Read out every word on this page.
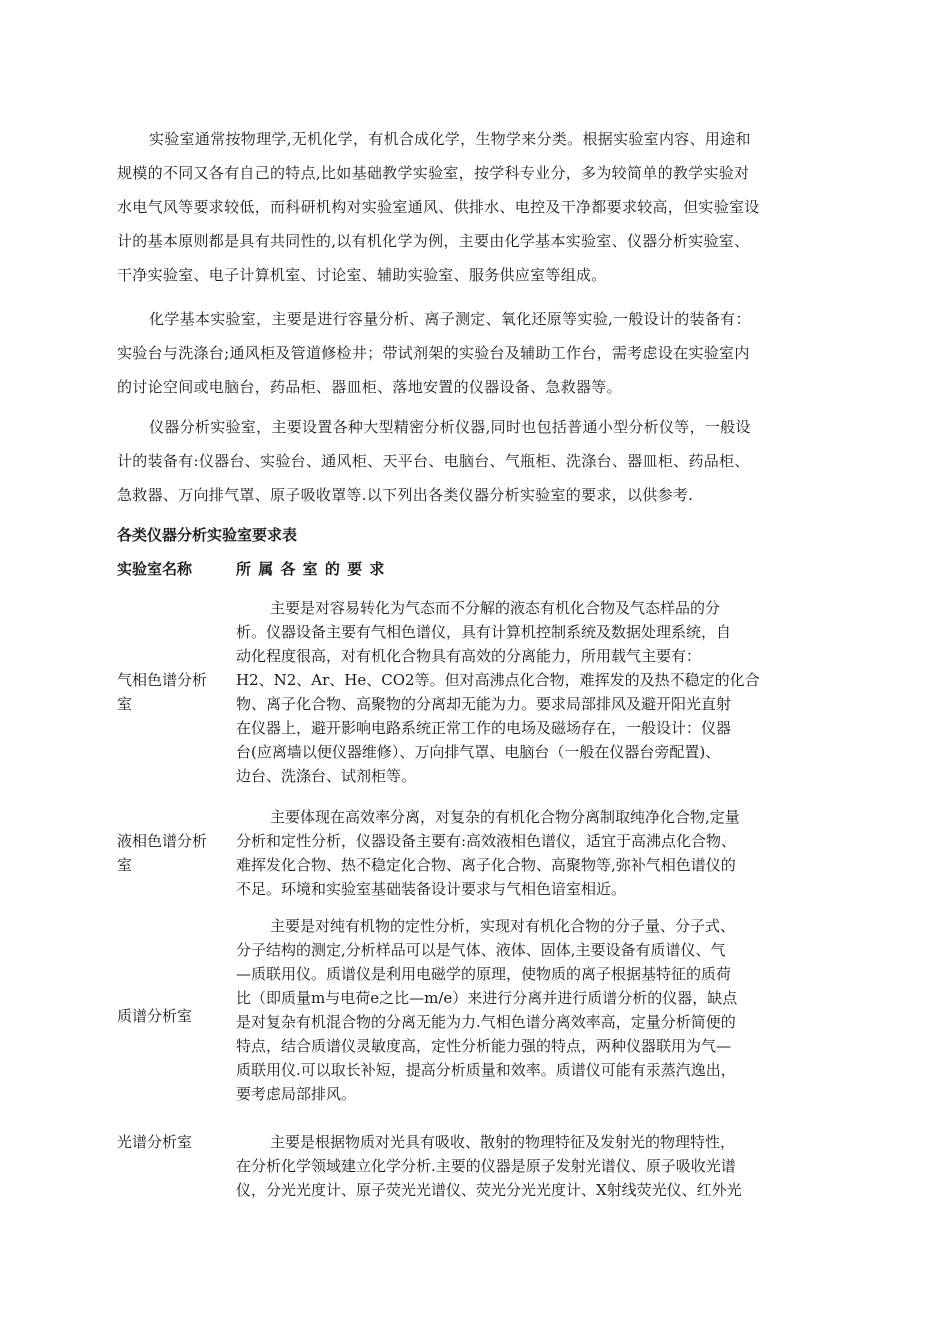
实验室通常按物理学,无机化学，有机合成化学，生物学来分类。根据实验室内容、用途和
规模的不同又各有自己的特点,比如基础教学实验室，按学科专业分，多为较简单的教学实验对
水电气风等要求较低，而科研机构对实验室通风、供排水、电控及干净都要求较高，但实验室设
计的基本原则都是具有共同性的,以有机化学为例，主要由化学基本实验室、仪器分析实验室、
干净实验室、电子计算机室、讨论室、辅助实验室、服务供应室等组成。
化学基本实验室，主要是进行容量分析、离子测定、氧化还原等实验,一般设计的装备有：
实验台与洗涤台;通风柜及管道修检井；带试剂架的实验台及辅助工作台，需考虑设在实验室内
的讨论空间或电脑台，药品柜、器皿柜、落地安置的仪器设备、急救器等。
仪器分析实验室，主要设置各种大型精密分析仪器,同时也包括普通小型分析仪等，一般设
计的装备有:仪器台、实验台、通风柜、天平台、电脑台、气瓶柜、洗涤台、器皿柜、药品柜、
急救器、万向排气罩、原子吸收罩等.以下列出各类仪器分析实验室的要求，以供参考.
各类仪器分析实验室要求表
实验室名称	所 属 各 室 的 要 求
气相色谱分析
室
主要是对容易转化为气态而不分解的液态有机化合物及气态样品的分
析。仪器设备主要有气相色谱仪，具有计算机控制系统及数据处理系统，自
动化程度很高，对有机化合物具有高效的分离能力，所用载气主要有：
H2、N2、Ar、He、CO2等。但对高沸点化合物，难挥发的及热不稳定的化合
物、离子化合物、高聚物的分离却无能为力。要求局部排风及避开阳光直射
在仪器上，避开影响电路系统正常工作的电场及磁场存在，一般设计：仪器
台(应离墙以便仪器维修）、万向排气罩、电脑台（一般在仪器台旁配置)、
边台、洗涤台、试剂柜等。
液相色谱分析
室
主要体现在高效率分离，对复杂的有机化合物分离制取纯净化合物,定量
分析和定性分析，仪器设备主要有:高效液相色谱仪，适宜于高沸点化合物、
难挥发化合物、热不稳定化合物、离子化合物、高聚物等,弥补气相色谱仪的
不足。环境和实验室基础装备设计要求与气相色谙室相近。
质谱分析室
主要是对纯有机物的定性分析，实现对有机化合物的分子量、分子式、
分子结构的测定,分析样品可以是气体、液体、固体,主要设备有质谱仪、气
—质联用仪。质谱仪是利用电磁学的原理，使物质的离子根据基特征的质荷
比（即质量m与电荷e之比—m/e）来进行分离并进行质谱分析的仪器，缺点
是对复杂有机混合物的分离无能为力.气相色谱分离效率高，定量分析简便的
特点，结合质谱仪灵敏度高，定性分析能力强的特点，两种仪器联用为气—
质联用仪.可以取长补短，提高分析质量和效率。质谱仪可能有汞蒸汽逸出，
要考虑局部排风。
光谱分析室	主要是根据物质对光具有吸收、散射的物理特征及发射光的物理特性，
在分析化学领域建立化学分析.主要的仪器是原子发射光谱仪、原子吸收光谱
仪，分光光度计、原子荧光光谱仪、荧光分光光度计、X射线荧光仪、红外光
